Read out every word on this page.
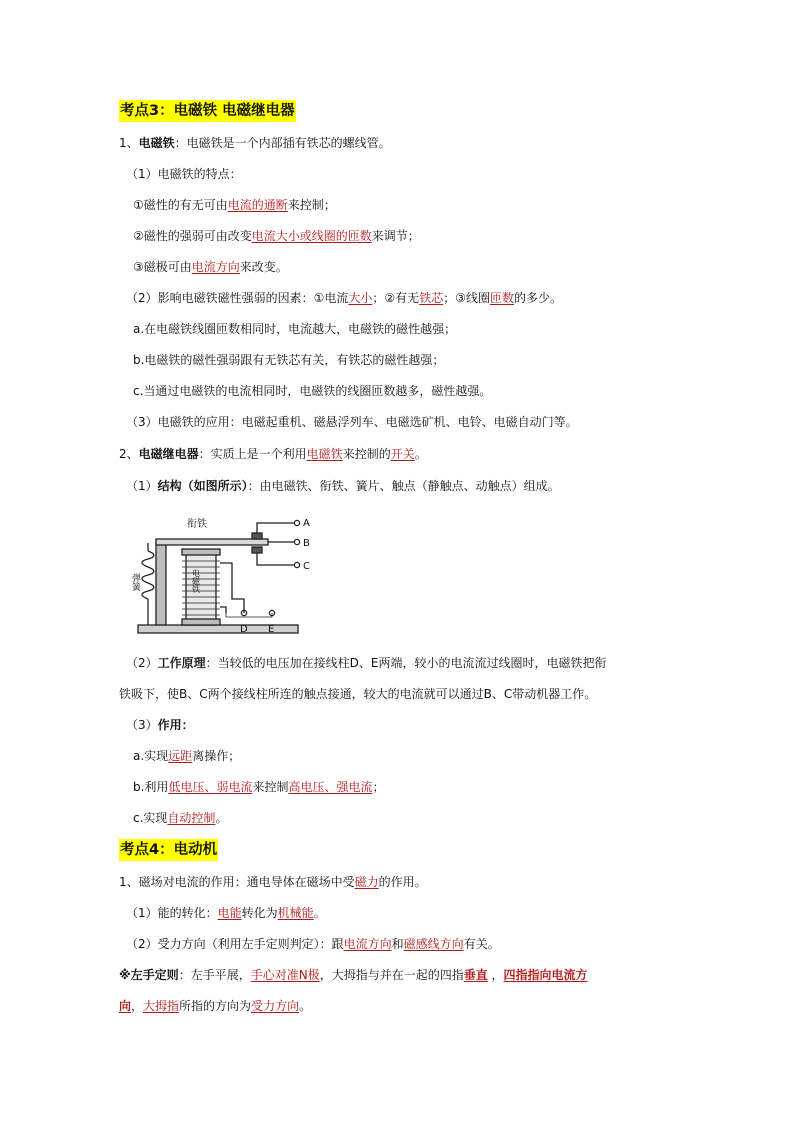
考点3：电磁铁 电磁继电器
1、电磁铁：电磁铁是一个内部插有铁芯的螺线管。
（1）电磁铁的特点：
①磁性的有无可由电流的通断来控制；
②磁性的强弱可由改变电流大小或线圈的匝数来调节；
③磁极可由电流方向来改变。
（2）影响电磁铁磁性强弱的因素：①电流大小；②有无铁芯；③线圈匝数的多少。
a.在电磁铁线圈匝数相同时，电流越大，电磁铁的磁性越强；
b.电磁铁的磁性强弱跟有无铁芯有关，有铁芯的磁性越强；
c.当通过电磁铁的电流相同时，电磁铁的线圈匝数越多，磁性越强。
（3）电磁铁的应用：电磁起重机、磁悬浮列车、电磁选矿机、电铃、电磁自动门等。
2、电磁继电器：实质上是一个利用电磁铁来控制的开关。
（1）结构（如图所示）：由电磁铁、衔铁、簧片、触点（静触点、动触点）组成。
衔铁
弹簧	电磁铁
A
B
C
D E
（2）工作原理：当较低的电压加在接线柱D、E两端，较小的电流流过线圈时，电磁铁把衔
铁吸下，使B、C两个接线柱所连的触点接通，较大的电流就可以通过B、C带动机器工作。
（3）作用：
a.实现远距离操作；
b.利用低电压、弱电流来控制高电压、强电流；
c.实现自动控制。
考点4：电动机
1、磁场对电流的作用：通电导体在磁场中受磁力的作用。
（1）能的转化：电能转化为机械能。
（2）受力方向（利用左手定则判定）：跟电流方向和磁感线方向有关。
※左手定则：左手平展，手心对准N极，大拇指与并在一起的四指垂直 ，四指指向电流方
向，大拇指所指的方向为受力方向。
